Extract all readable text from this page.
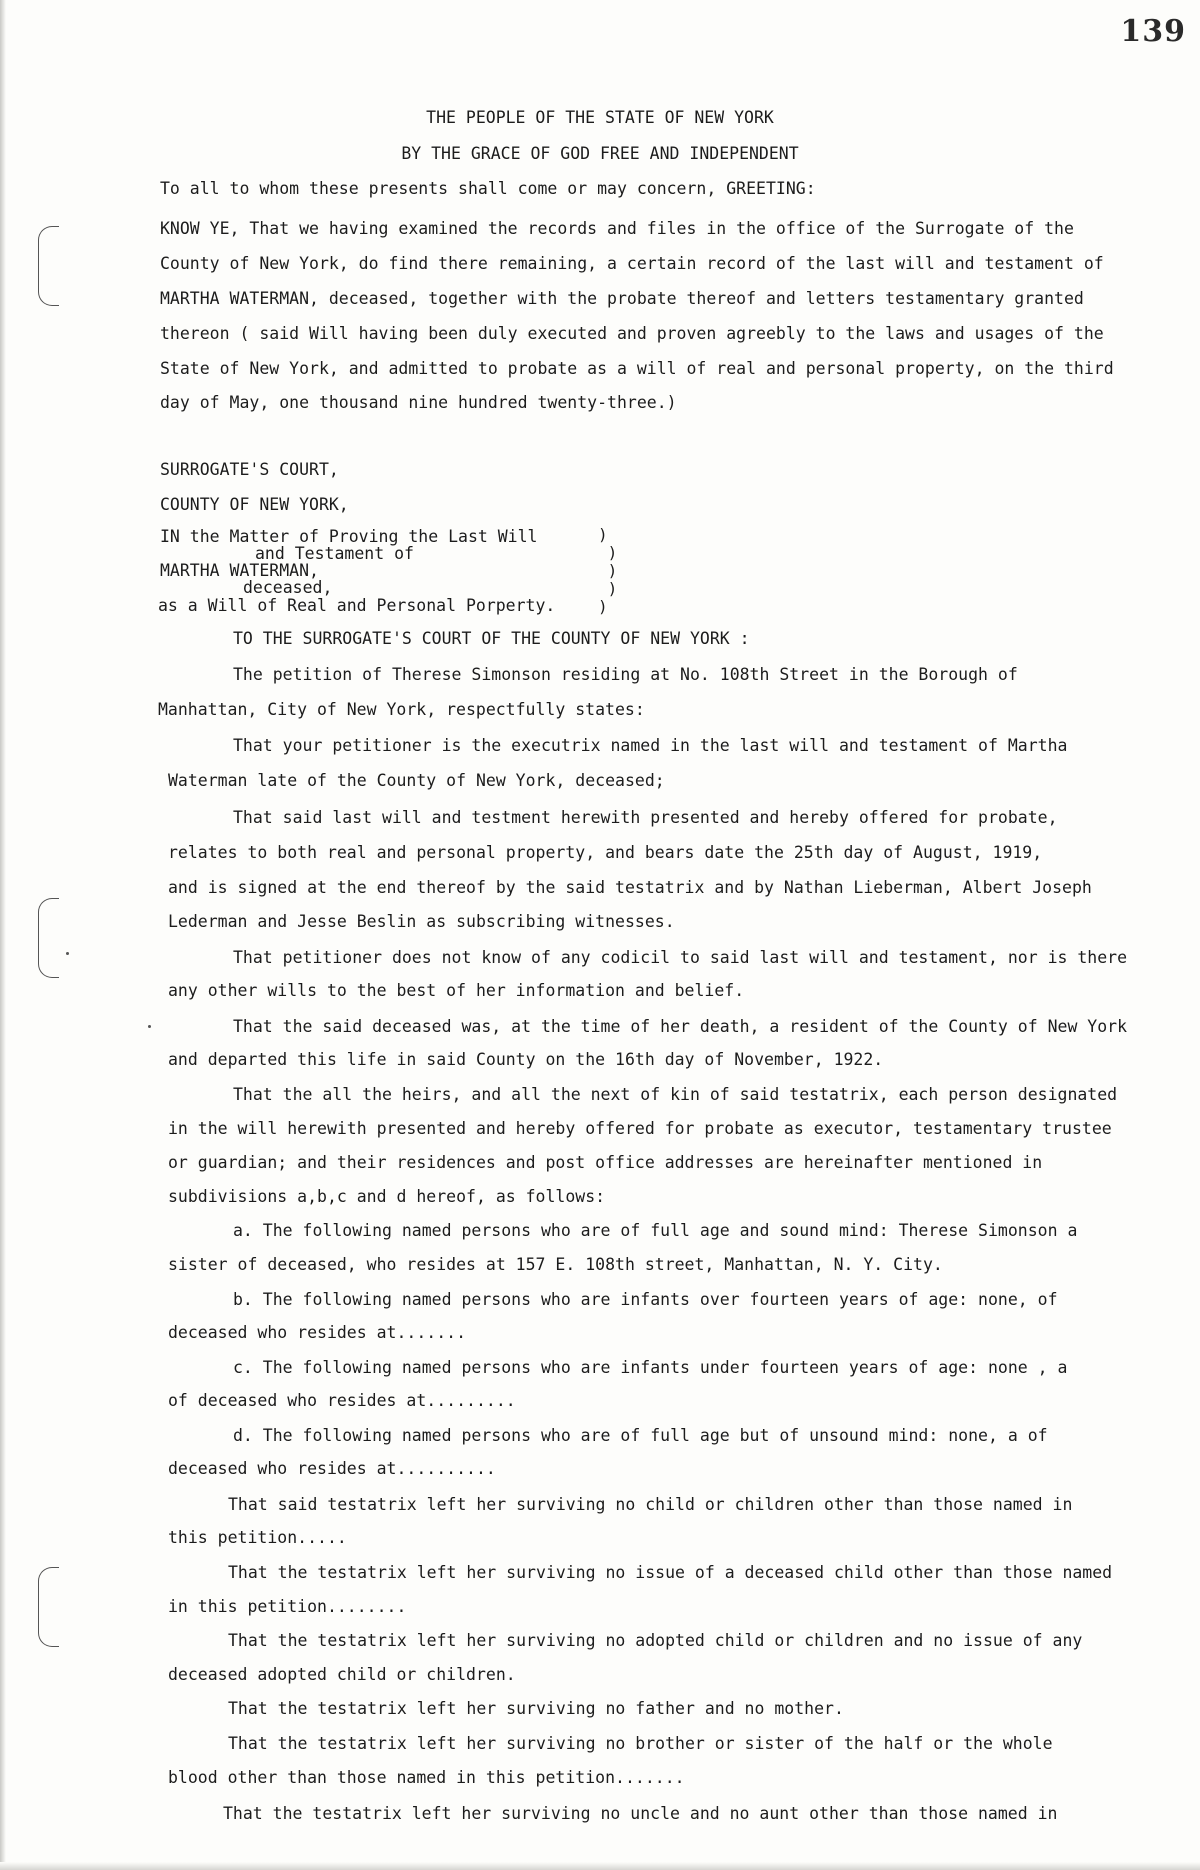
139
THE PEOPLE OF THE STATE OF NEW YORK
BY THE GRACE OF GOD FREE AND INDEPENDENT
To all to whom these presents shall come or may concern, GREETING:
KNOW YE, That we having examined the records and files in the office of the Surrogate of the
County of New York, do find there remaining, a certain record of the last will and testament of
MARTHA WATERMAN, deceased, together with the probate thereof and letters testamentary granted
thereon ( said Will having been duly executed and proven agreebly to the laws and usages of the
State of New York, and admitted to probate as a will of real and personal property, on the third
day of May, one thousand nine hundred twenty-three.)
SURROGATE'S COURT,
COUNTY OF NEW YORK,
IN the Matter of Proving the Last Will
and Testament of
MARTHA WATERMAN,
deceased,
as a Will of Real and Personal Porperty.
)
)
)
)
)
TO THE SURROGATE'S COURT OF THE COUNTY OF NEW YORK :
The petition of Therese Simonson residing at No. 108th Street in the Borough of
Manhattan, City of New York, respectfully states:
That your petitioner is the executrix named in the last will and testament of Martha
Waterman late of the County of New York, deceased;
That said last will and testment herewith presented and hereby offered for probate,
relates to both real and personal property, and bears date the 25th day of August, 1919,
and is signed at the end thereof by the said testatrix and by Nathan Lieberman, Albert Joseph
Lederman and Jesse Beslin as subscribing witnesses.
That petitioner does not know of any codicil to said last will and testament, nor is there
any other wills to the best of her information and belief.
That the said deceased was, at the time of her death, a resident of the County of New York
and departed this life in said County on the 16th day of November, 1922.
That the all the heirs, and all the next of kin of said testatrix, each person designated
in the will herewith presented and hereby offered for probate as executor, testamentary trustee
or guardian; and their residences and post office addresses are hereinafter mentioned in
subdivisions a,b,c and d hereof, as follows:
a. The following named persons who are of full age and sound mind: Therese Simonson a
sister of deceased, who resides at 157 E. 108th street, Manhattan, N. Y. City.
b. The following named persons who are infants over fourteen years of age: none, of
deceased who resides at.......
c. The following named persons who are infants under fourteen years of age: none , a
of deceased who resides at.........
d. The following named persons who are of full age but of unsound mind: none, a of
deceased who resides at..........
That said testatrix left her surviving no child or children other than those named in
this petition.....
That the testatrix left her surviving no issue of a deceased child other than those named
in this petition........
That the testatrix left her surviving no adopted child or children and no issue of any
deceased adopted child or children.
That the testatrix left her surviving no father and no mother.
That the testatrix left her surviving no brother or sister of the half or the whole
blood other than those named in this petition.......
That the testatrix left her surviving no uncle and no aunt other than those named in
